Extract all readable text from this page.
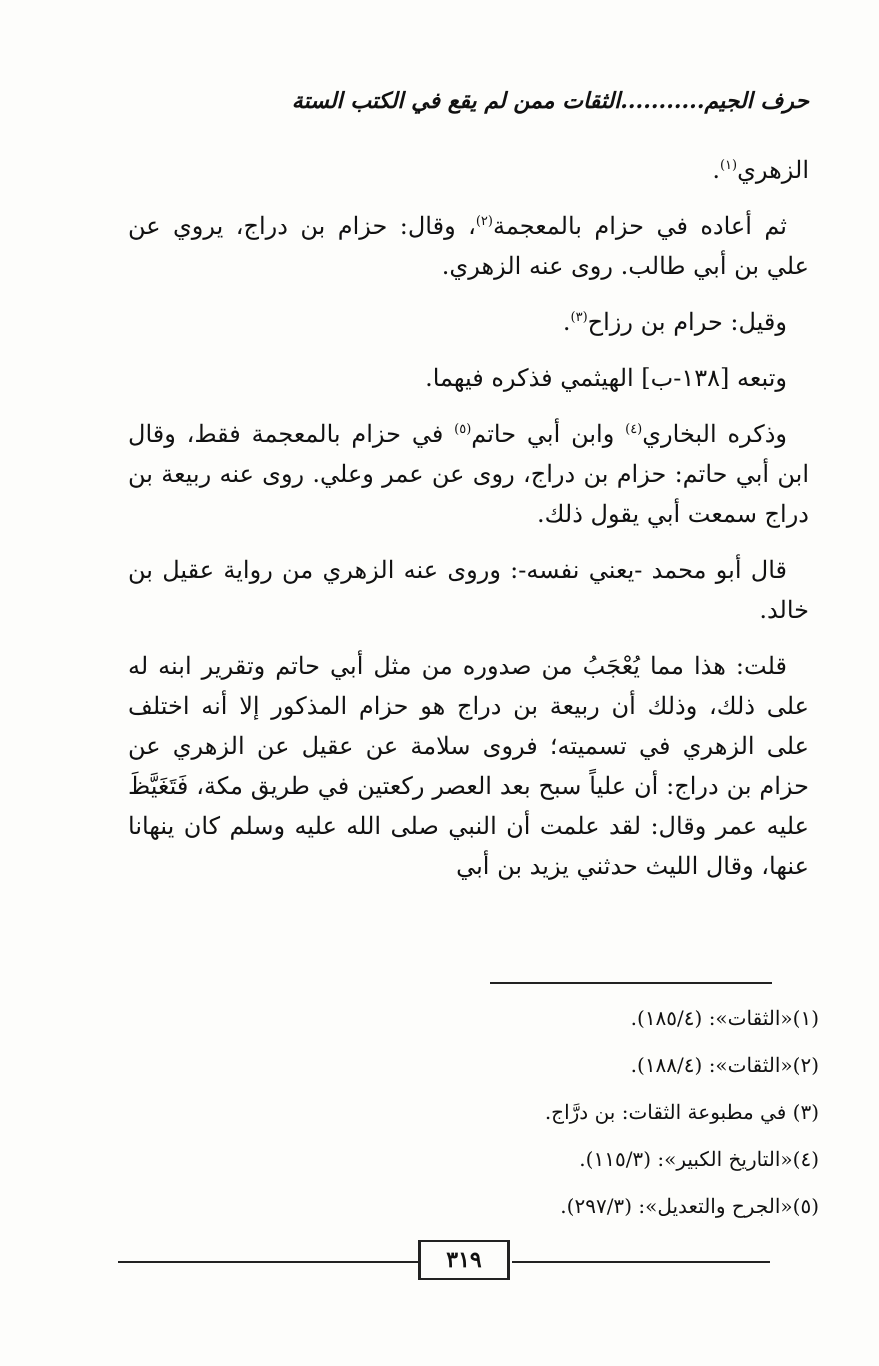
حرف الجيم...........الثقات ممن لم يقع في الكتب الستة

الزهري$^{(١)}$.

ثم أعاده في حزام بالمعجمة$^{(٢)}$، وقال: حزام بن دراج، يروي عن علي بن أبي طالب. روى عنه الزهري.

وقيل: حرام بن رزاح$^{(٣)}$.

وتبعه [١٣٨-ب] الهيثمي فذكره فيهما.

وذكره البخاري$^{(٤)}$ وابن أبي حاتم$^{(٥)}$ في حزام بالمعجمة فقط، وقال ابن أبي حاتم: حزام بن دراج، روى عن عمر وعلي. روى عنه ربيعة بن دراج سمعت أبي يقول ذلك.

قال أبو محمد -يعني نفسه-: وروى عنه الزهري من رواية عقيل بن خالد.

قلت: هذا مما يُعْجَبُ من صدوره من مثل أبي حاتم وتقرير ابنه له على ذلك، وذلك أن ربيعة بن دراج هو حزام المذكور إلا أنه اختلف على الزهري في تسميته؛ فروى سلامة عن عقيل عن الزهري عن حزام بن دراج: أن علياً سبح بعد العصر ركعتين في طريق مكة، فَتَغَيَّظَ عليه عمر وقال: لقد علمت أن النبي صلى الله عليه وسلم كان ينهانا عنها، وقال الليث حدثني يزيد بن أبي

(١)«الثقات»: (١٨٥/٤).
(٢)«الثقات»: (١٨٨/٤).
(٣) في مطبوعة الثقات: بن درَّاج.
(٤)«التاريخ الكبير»: (١١٥/٣).
(٥)«الجرح والتعديل»: (٢٩٧/٣).
٣١٩
